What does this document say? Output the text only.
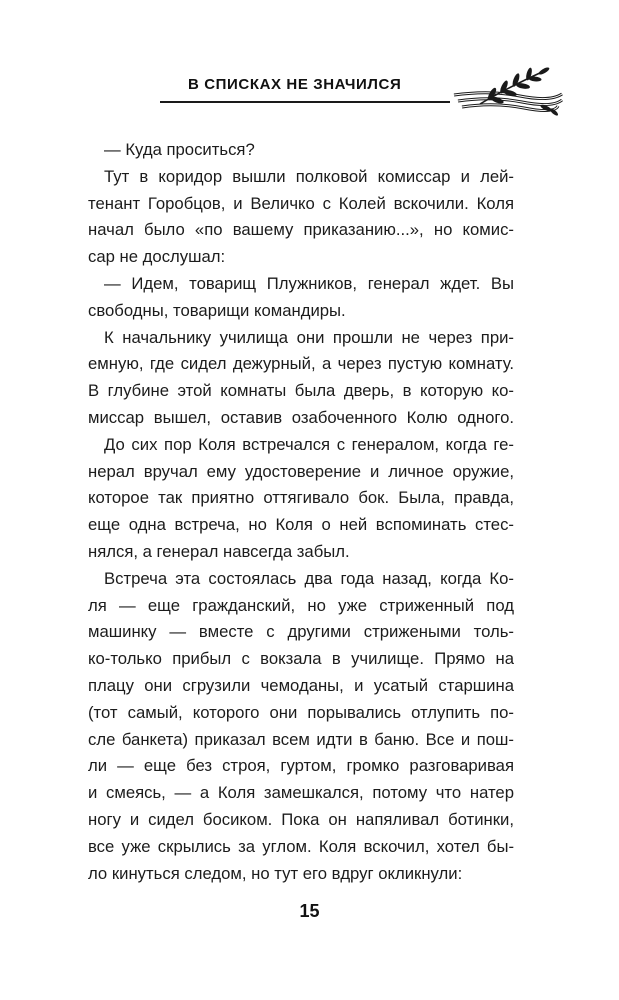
В СПИСКАХ НЕ ЗНАЧИЛСЯ
— Куда проситься?
Тут в коридор вышли полковой комиссар и лей-
тенант Горобцов, и Величко с Колей вскочили. Коля
начал было «по вашему приказанию...», но комис-
сар не дослушал:
— Идем, товарищ Плужников, генерал ждет. Вы
свободны, товарищи командиры.
К начальнику училища они прошли не через при-
емную, где сидел дежурный, а через пустую комнату.
В глубине этой комнаты была дверь, в которую ко-
миссар вышел, оставив озабоченного Колю одного.
До сих пор Коля встречался с генералом, когда ге-
нерал вручал ему удостоверение и личное оружие,
которое так приятно оттягивало бок. Была, правда,
еще одна встреча, но Коля о ней вспоминать стес-
нялся, а генерал навсегда забыл.
Встреча эта состоялась два года назад, когда Ко-
ля — еще гражданский, но уже стриженный под
машинку — вместе с другими стрижеными толь-
ко-только прибыл с вокзала в училище. Прямо на
плацу они сгрузили чемоданы, и усатый старшина
(тот самый, которого они порывались отлупить по-
сле банкета) приказал всем идти в баню. Все и пош-
ли — еще без строя, гуртом, громко разговаривая
и смеясь, — а Коля замешкался, потому что натер
ногу и сидел босиком. Пока он напяливал ботинки,
все уже скрылись за углом. Коля вскочил, хотел бы-
ло кинуться следом, но тут его вдруг окликнули:
15
